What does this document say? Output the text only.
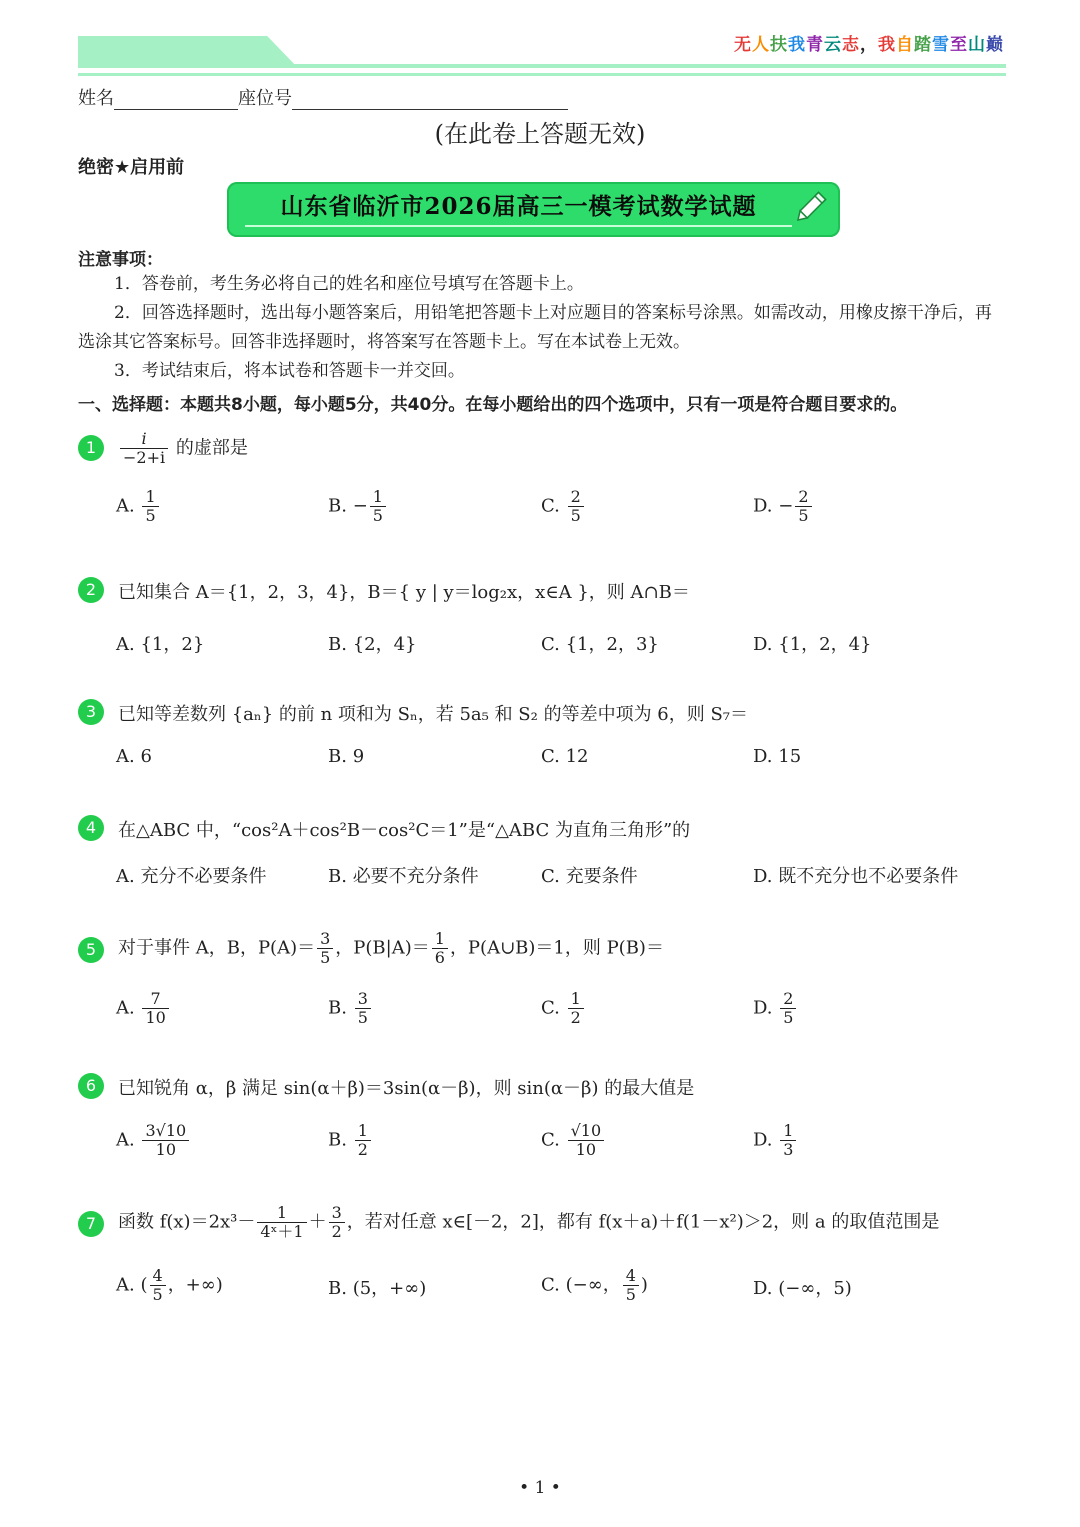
无人扶我青云志，我自踏雪至山巅
姓名	座位号
(在此卷上答题无效)
绝密★启用前
山东省临沂市2026届高三一模考试数学试题
注意事项：
1．答卷前，考生务必将自己的姓名和座位号填写在答题卡上。
2．回答选择题时，选出每小题答案后，用铅笔把答题卡上对应题目的答案标号涂黑。如需改动，用橡皮擦干净后，再选涂其它答案标号。回答非选择题时，将答案写在答题卡上。写在本试卷上无效。
3．考试结束后，将本试卷和答题卡一并交回。
一、选择题：本题共8小题，每小题5分，共40分。在每小题给出的四个选项中，只有一项是符合题目要求的。
1	$\frac{i}{-2+i}$ 的虚部是
A. $\frac{1}{5}$	B. − $\frac{1}{5}$	C. $\frac{2}{5}$	D. − $\frac{2}{5}$
2	已知集合 A＝{1，2，3，4}，B＝{ y | y＝log₂x，x∈A }，则 A∩B＝
A. {1，2}	B. {2，4}	C. {1，2，3}	D. {1，2，4}
3	已知等差数列 {aₙ} 的前 n 项和为 Sₙ，若 5a₅ 和 S₂ 的等差中项为 6，则 S₇＝
A. 6	B. 9	C. 12	D. 15
4	在△ABC 中，“cos²A＋cos²B－cos²C＝1”是“△ABC 为直角三角形”的
A. 充分不必要条件	B. 必要不充分条件	C. 充要条件	D. 既不充分也不必要条件
5	对于事件 A，B，$P(A)= \frac{3}{5}$ ，$P(B|A)= \frac{1}{6}$ ，P(A∪B)＝1，则 P(B)＝
A. $\frac{7}{10}$	B. $\frac{3}{5}$	C. $\frac{1}{2}$	D. $\frac{2}{5}$
6	已知锐角 α，β 满足 sin(α＋β)＝3sin(α－β)，则 sin(α－β) 的最大值是
A. $\frac{3√10}{10}$	B. $\frac{1}{2}$	C. $\frac{√10}{10}$	D. $\frac{1}{3}$
7	函数 $f(x)=2x^3- \frac{1}{\text{4ˣ＋1}} + \frac{3}{2}$ ，若对任意 x∈[－2，2]，都有 f(x＋a)＋f(1－x²)＞2，则 a 的取值范围是
A. ( $\frac{4}{5}$ ，+∞)	B. (5，+∞)	C. (−∞， $\frac{4}{5}$ )	D. (−∞，5)
• 1 •
